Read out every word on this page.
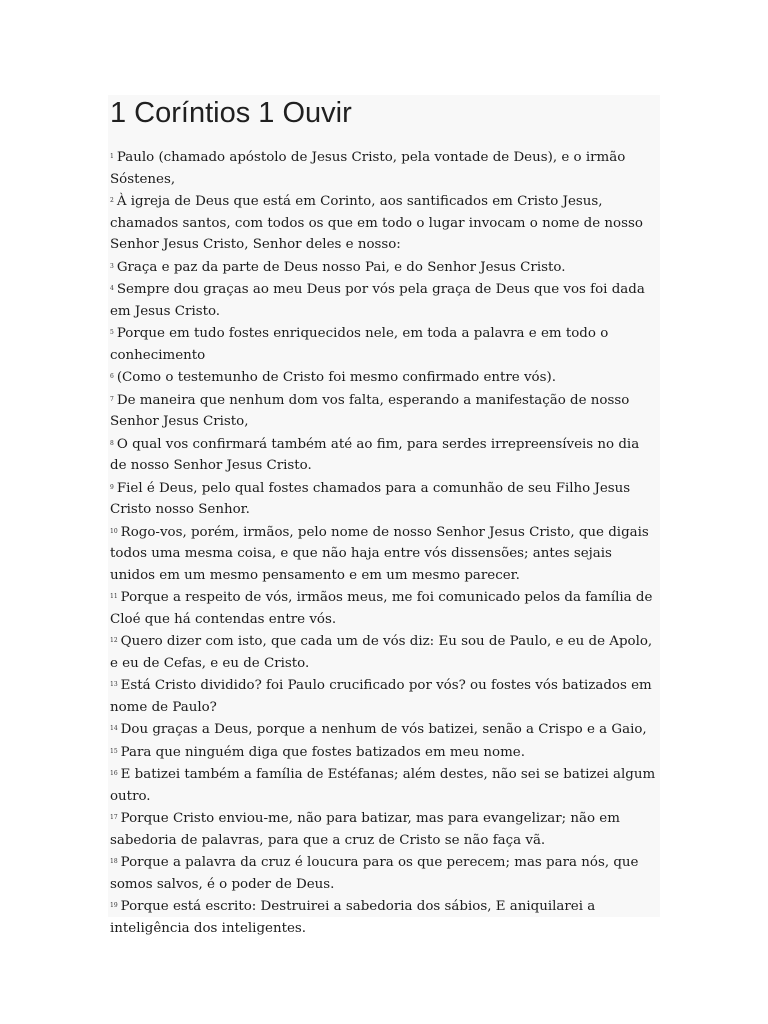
1 Coríntios 1 Ouvir

$^1$ Paulo (chamado apóstolo de Jesus Cristo, pela vontade de Deus), e o irmão Sóstenes,

$^2$ À igreja de Deus que está em Corinto, aos santificados em Cristo Jesus, chamados santos, com todos os que em todo o lugar invocam o nome de nosso Senhor Jesus Cristo, Senhor deles e nosso:

$^3$ Graça e paz da parte de Deus nosso Pai, e do Senhor Jesus Cristo.

$^4$ Sempre dou graças ao meu Deus por vós pela graça de Deus que vos foi dada em Jesus Cristo.

$^5$ Porque em tudo fostes enriquecidos nele, em toda a palavra e em todo o conhecimento

$^6$ (Como o testemunho de Cristo foi mesmo confirmado entre vós).

$^7$ De maneira que nenhum dom vos falta, esperando a manifestação de nosso Senhor Jesus Cristo,

$^8$ O qual vos confirmará também até ao fim, para serdes irrepreensíveis no dia de nosso Senhor Jesus Cristo.

$^9$ Fiel é Deus, pelo qual fostes chamados para a comunhão de seu Filho Jesus Cristo nosso Senhor.

$^{10}$ Rogo-vos, porém, irmãos, pelo nome de nosso Senhor Jesus Cristo, que digais todos uma mesma coisa, e que não haja entre vós dissensões; antes sejais unidos em um mesmo pensamento e em um mesmo parecer.

$^{11}$ Porque a respeito de vós, irmãos meus, me foi comunicado pelos da família de Cloé que há contendas entre vós.

$^{12}$ Quero dizer com isto, que cada um de vós diz: Eu sou de Paulo, e eu de Apolo, e eu de Cefas, e eu de Cristo.

$^{13}$ Está Cristo dividido? foi Paulo crucificado por vós? ou fostes vós batizados em nome de Paulo?

$^{14}$ Dou graças a Deus, porque a nenhum de vós batizei, senão a Crispo e a Gaio,

$^{15}$ Para que ninguém diga que fostes batizados em meu nome.

$^{16}$ E batizei também a família de Estéfanas; além destes, não sei se batizei algum outro.

$^{17}$ Porque Cristo enviou-me, não para batizar, mas para evangelizar; não em sabedoria de palavras, para que a cruz de Cristo se não faça vã.

$^{18}$ Porque a palavra da cruz é loucura para os que perecem; mas para nós, que somos salvos, é o poder de Deus.

$^{19}$ Porque está escrito: Destruirei a sabedoria dos sábios, E aniquilarei a inteligência dos inteligentes.
